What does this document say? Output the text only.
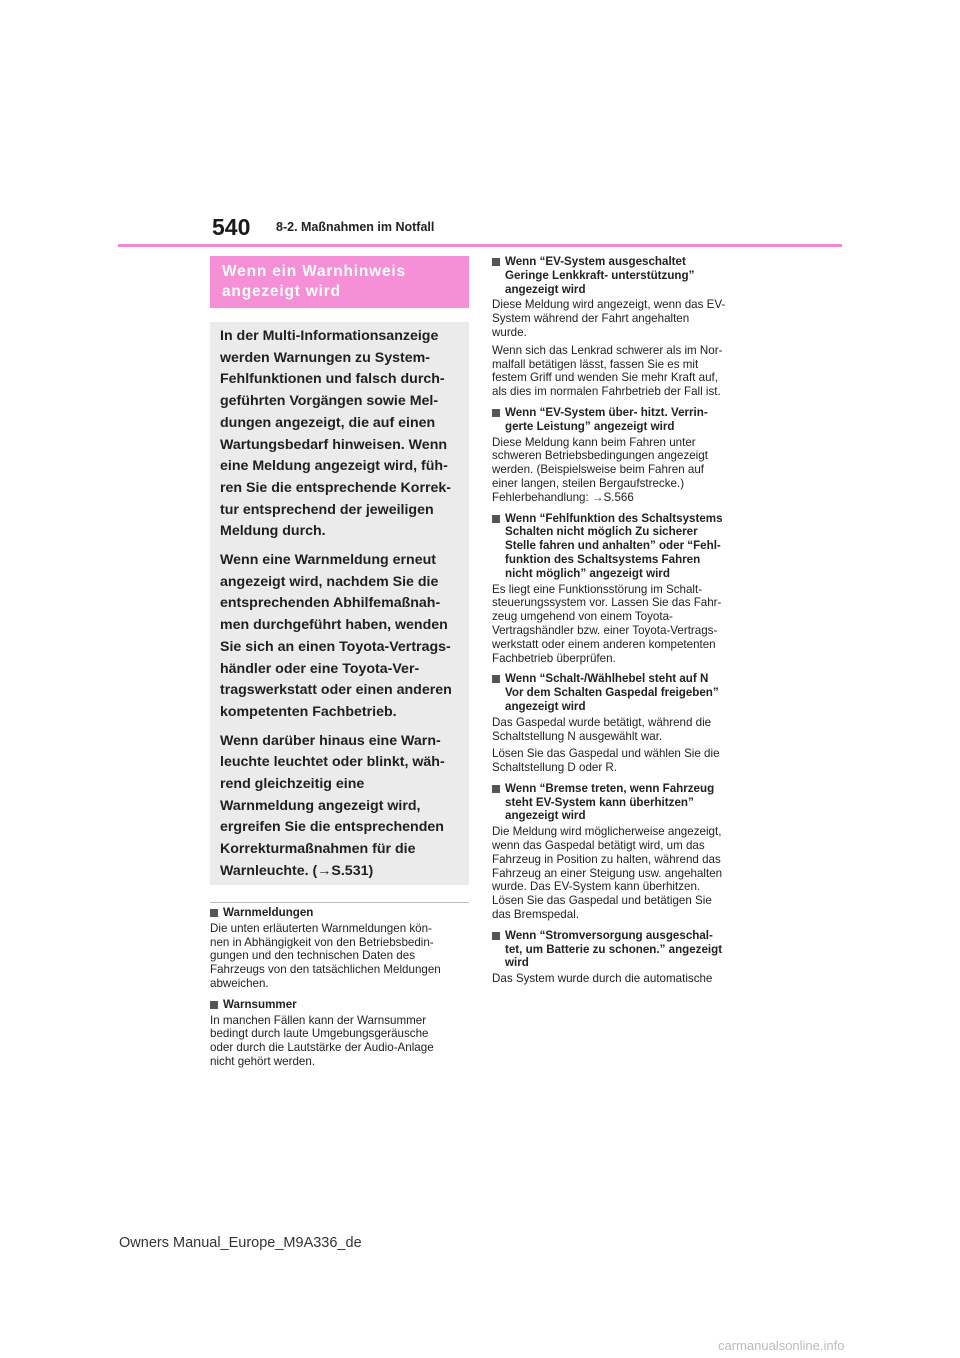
540 8-2. Maßnahmen im Notfall
Wenn ein Warnhinweis
angezeigt wird

In der Multi-Informationsanzeige
werden Warnungen zu System-
Fehlfunktionen und falsch durch-
geführten Vorgängen sowie Mel-
dungen angezeigt, die auf einen
Wartungsbedarf hinweisen. Wenn
eine Meldung angezeigt wird, füh-
ren Sie die entsprechende Korrek-
tur entsprechend der jeweiligen
Meldung durch.

Wenn eine Warnmeldung erneut
angezeigt wird, nachdem Sie die
entsprechenden Abhilfemaßnah-
men durchgeführt haben, wenden
Sie sich an einen Toyota-Vertrags-
händler oder eine Toyota-Ver-
tragswerkstatt oder einen anderen
kompetenten Fachbetrieb.

Wenn darüber hinaus eine Warn-
leuchte leuchtet oder blinkt, wäh-
rend gleichzeitig eine
Warnmeldung angezeigt wird,
ergreifen Sie die entsprechenden
Korrekturmaßnahmen für die
Warnleuchte. (→S.531)

Warnmeldungen

Die unten erläuterten Warnmeldungen kön-
nen in Abhängigkeit von den Betriebsbedin-
gungen und den technischen Daten des
Fahrzeugs von den tatsächlichen Meldungen
abweichen.

Warnsummer

In manchen Fällen kann der Warnsummer
bedingt durch laute Umgebungsgeräusche
oder durch die Lautstärke der Audio-Anlage
nicht gehört werden.

Wenn “EV-System ausgeschaltet
Geringe Lenkkraft- unterstützung”
angezeigt wird

Diese Meldung wird angezeigt, wenn das EV-
System während der Fahrt angehalten
wurde.

Wenn sich das Lenkrad schwerer als im Nor-
malfall betätigen lässt, fassen Sie es mit
festem Griff und wenden Sie mehr Kraft auf,
als dies im normalen Fahrbetrieb der Fall ist.

Wenn “EV-System über- hitzt. Verrin-
gerte Leistung” angezeigt wird

Diese Meldung kann beim Fahren unter
schweren Betriebsbedingungen angezeigt
werden. (Beispielsweise beim Fahren auf
einer langen, steilen Bergaufstrecke.)
Fehlerbehandlung: →S.566

Wenn “Fehlfunktion des Schaltsystems
Schalten nicht möglich Zu sicherer
Stelle fahren und anhalten” oder “Fehl-
funktion des Schaltsystems Fahren
nicht möglich” angezeigt wird

Es liegt eine Funktionsstörung im Schalt-
steuerungssystem vor. Lassen Sie das Fahr-
zeug umgehend von einem Toyota-
Vertragshändler bzw. einer Toyota-Vertrags-
werkstatt oder einem anderen kompetenten
Fachbetrieb überprüfen.

Wenn “Schalt-/Wählhebel steht auf N
Vor dem Schalten Gaspedal freigeben”
angezeigt wird

Das Gaspedal wurde betätigt, während die
Schaltstellung N ausgewählt war.

Lösen Sie das Gaspedal und wählen Sie die
Schaltstellung D oder R.

Wenn “Bremse treten, wenn Fahrzeug
steht EV-System kann überhitzen”
angezeigt wird

Die Meldung wird möglicherweise angezeigt,
wenn das Gaspedal betätigt wird, um das
Fahrzeug in Position zu halten, während das
Fahrzeug an einer Steigung usw. angehalten
wurde. Das EV-System kann überhitzen.
Lösen Sie das Gaspedal und betätigen Sie
das Bremspedal.

Wenn “Stromversorgung ausgeschal-
tet, um Batterie zu schonen.” angezeigt
wird

Das System wurde durch die automatische

Owners Manual_Europe_M9A336_de
carmanualsonline.info
